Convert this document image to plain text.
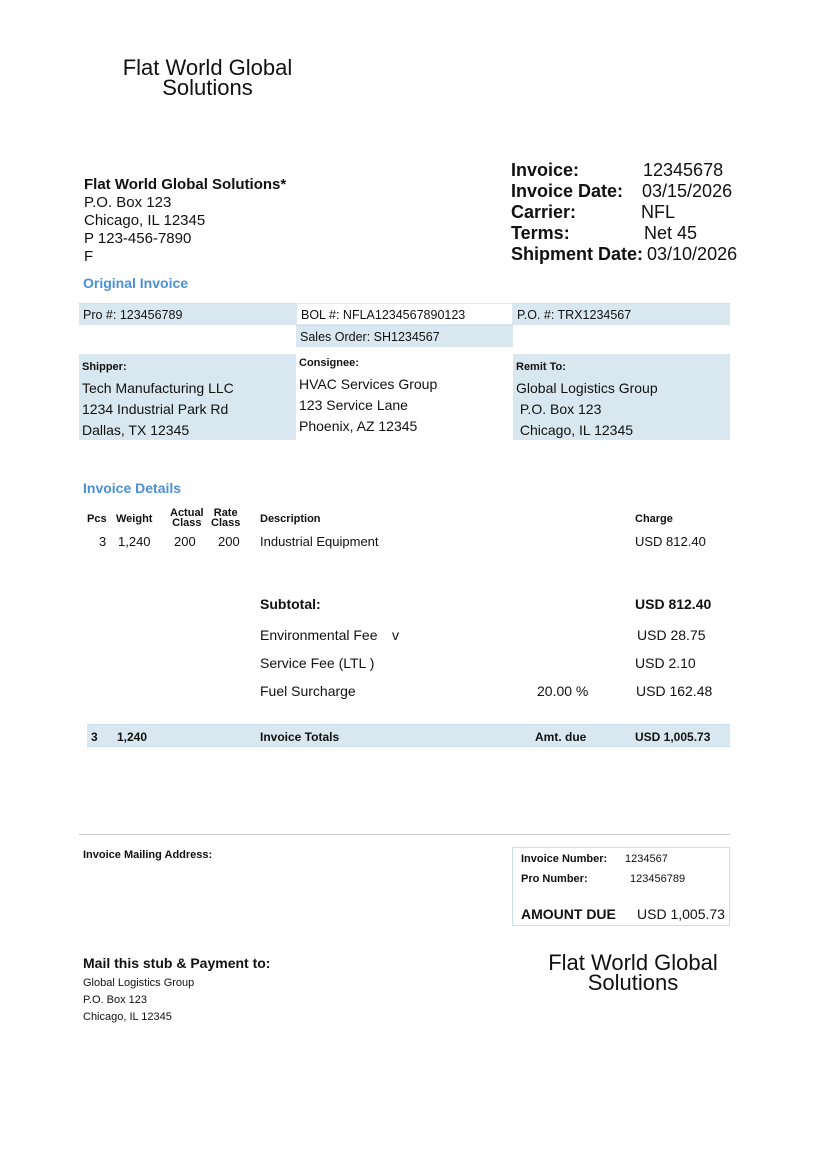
Flat World Global
Solutions
Flat World Global Solutions*
P.O. Box 123
Chicago, IL 12345
P 123-456-7890
F
Invoice:	12345678
Invoice Date:	03/15/2026
Carrier:	NFL
Terms:	Net 45
Shipment Date: 03/10/2026
Original Invoice
Pro #: 123456789	BOL #: NFLA1234567890123	P.O. #: TRX1234567
Sales Order: SH1234567
Shipper:
Tech Manufacturing LLC
1234 Industrial Park Rd
Dallas, TX 12345
Consignee:
HVAC Services Group
123 Service Lane
Phoenix, AZ 12345
Remit To:
Global Logistics Group
P.O. Box 123
Chicago, IL 12345
Invoice Details
Pcs Weight Actual
Class
Rate
Class Description	Charge
3 1,240 200 200 Industrial Equipment	USD 812.40
Subtotal:	USD 812.40
Environmental Fee v	USD 28.75
Service Fee (LTL )	USD 2.10
Fuel Surcharge	20.00 %	USD 162.48
3 1,240	Invoice Totals	Amt. due	USD 1,005.73
Invoice Mailing Address:	Invoice Number: 1234567
Pro Number:	123456789
AMOUNT DUE USD 1,005.73
Mail this stub & Payment to:
Global Logistics Group
P.O. Box 123
Chicago, IL 12345
Flat World Global
Solutions
